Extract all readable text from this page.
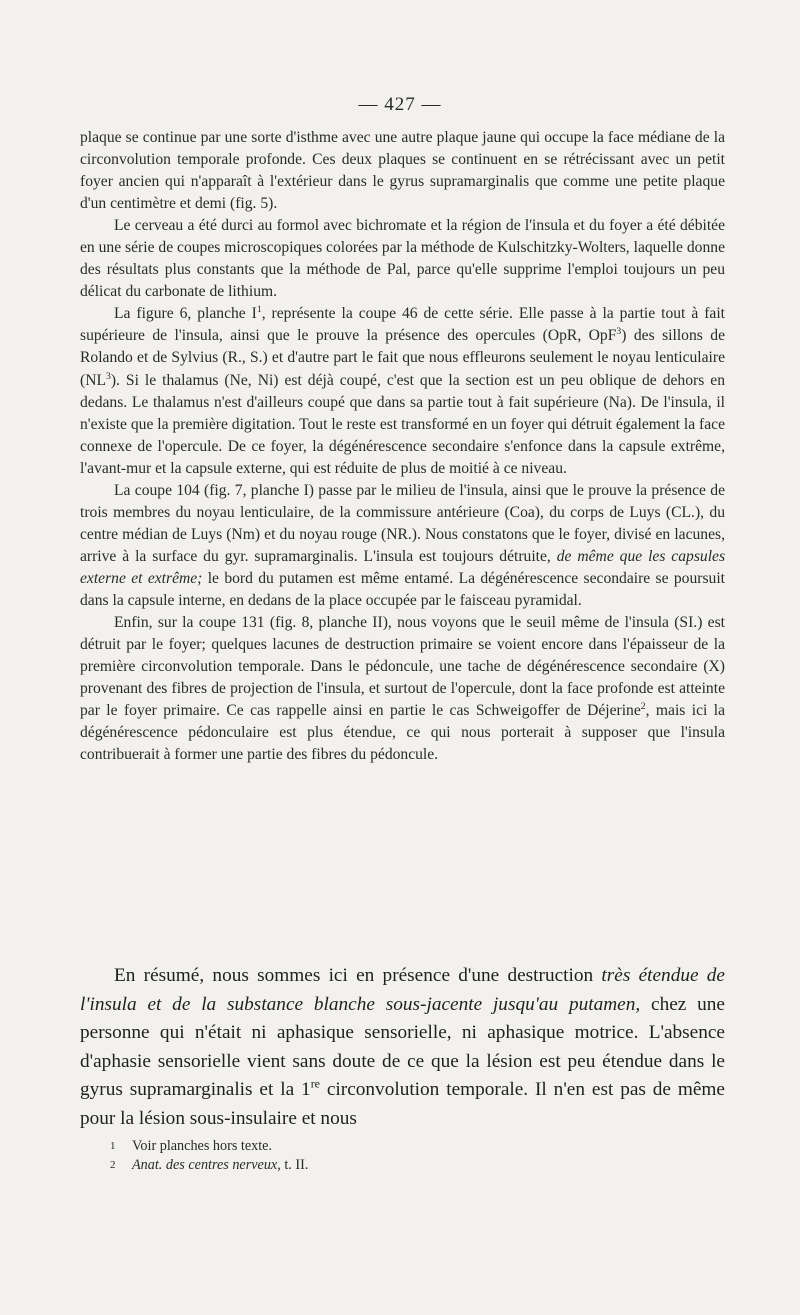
— 427 —

plaque se continue par une sorte d'isthme avec une autre plaque jaune qui occupe la face médiane de la circonvolution temporale profonde. Ces deux plaques se continuent en se rétrécissant avec un petit foyer ancien qui n'apparaît à l'extérieur dans le gyrus supramarginalis que comme une petite plaque d'un centimètre et demi (fig. 5).

Le cerveau a été durci au formol avec bichromate et la région de l'insula et du foyer a été débitée en une série de coupes microscopiques colorées par la méthode de Kulschitzky-Wolters, laquelle donne des résultats plus constants que la méthode de Pal, parce qu'elle supprime l'emploi toujours un peu délicat du carbonate de lithium.

La figure 6, planche $I^1$, représente la coupe 46 de cette série. Elle passe à la partie tout à fait supérieure de l'insula, ainsi que le prouve la présence des opercules (OpR, OpF$^3$) des sillons de Rolando et de Sylvius (R., S.) et d'autre part le fait que nous effleurons seulement le noyau lenticulaire $(NL^3)$. Si le thalamus (Ne, Ni) est déjà coupé, c'est que la section est un peu oblique de dehors en dedans. Le thalamus n'est d'ailleurs coupé que dans sa partie tout à fait supérieure (Na). De l'insula, il n'existe que la première digitation. Tout le reste est transformé en un foyer qui détruit également la face connexe de l'opercule. De ce foyer, la dégénérescence secondaire s'enfonce dans la capsule extrême, l'avant-mur et la capsule externe, qui est réduite de plus de moitié à ce niveau.

La coupe 104 (fig. 7, planche I) passe par le milieu de l'insula, ainsi que le prouve la présence de trois membres du noyau lenticulaire, de la commissure antérieure (Coa), du corps de Luys (CL.), du centre médian de Luys (Nm) et du noyau rouge (NR.). Nous constatons que le foyer, divisé en lacunes, arrive à la surface du gyr. supramarginalis. L'insula est toujours détruite, de même que les capsules externe et extrême; le bord du putamen est même entamé. La dégénérescence secondaire se poursuit dans la capsule interne, en dedans de la place occupée par le faisceau pyramidal.

Enfin, sur la coupe 131 (fig. 8, planche II), nous voyons que le seuil même de l'insula (SI.) est détruit par le foyer; quelques lacunes de destruction primaire se voient encore dans l'épaisseur de la première circonvolution temporale. Dans le pédoncule, une tache de dégénérescence secondaire (X) provenant des fibres de projection de l'insula, et surtout de l'opercule, dont la face profonde est atteinte par le foyer primaire. Ce cas rappelle ainsi en partie le cas Schweigoffer de Déjerine$^2$, mais ici la dégénérescence pédonculaire est plus étendue, ce qui nous porterait à supposer que l'insula contribuerait à former une partie des fibres du pédoncule.

En résumé, nous sommes ici en présence d'une destruction très étendue de l'insula et de la substance blanche sous-jacente jusqu'au putamen, chez une personne qui n'était ni aphasique sensorielle, ni aphasique motrice. L'absence d'aphasie sensorielle vient sans doute de ce que la lésion est peu étendue dans le gyrus supramarginalis et la 1re circonvolution temporale. Il n'en est pas de même pour la lésion sous-insulaire et nous

1 Voir planches hors texte.
2 Anat. des centres nerveux, t. II.
